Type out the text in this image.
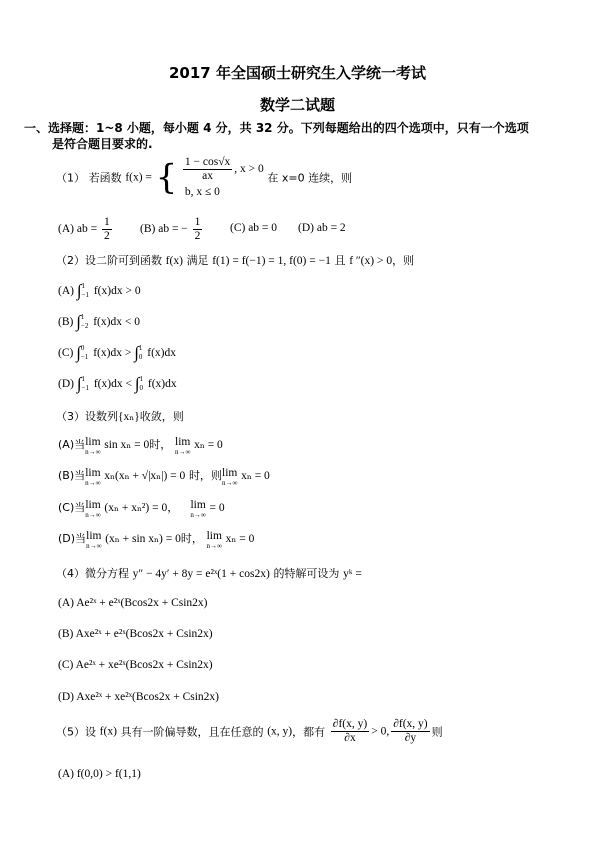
2017 年全国硕士研究生入学统一考试
数学二试题
一、选择题：1~8 小题，每小题 4 分，共 32 分。下列每题给出的四个选项中，只有一个选项
是符合题目要求的.
（1） 若函数 f(x) = { $\frac{1 - \cos√x}{ax}$ , x > 0
b, x ≤ 0
在 x=0 连续，则
(A) ab = $\frac{1}{2} (B)$ ab = − $\frac{1}{2} (C)$ ab = 0 (D) ab = 2
（2）设二阶可到函数 f(x) 满足 f(1) = f(−1) = 1, f(0) = −1 且 f ″(x) > 0，则
(A) ∫ 1
−1 f(x)dx > 0
(B) ∫ 1
−2 f(x)dx < 0
(C) ∫ 0
−1 f(x)dx > ∫ 1
0 f(x)dx
(D) ∫ 1
−1 f(x)dx < ∫ 1
0 f(x)dx
（3）设数列{xₙ}收敛，则
(A)当 lim
n→∞
sin xₙ = 0时， lim
n→∞
xₙ = 0
(B)当 lim
n→∞
xₙ(xₙ + √|xₙ|) = 0 时，则 lim
n→∞
xₙ = 0
(C)当 lim
n→∞
(xₙ + xₙ²) = 0， lim
n→∞
= 0
(D)当 lim
n→∞
(xₙ + sin xₙ) = 0时， lim
n→∞
xₙ = 0
（4）微分方程 y″ − 4y′ + 8y = e²ˣ(1 + cos2x) 的特解可设为 yᵏ =
(A) Ae²ˣ + e²ˣ(Bcos2x + Csin2x)
(B) Axe²ˣ + e²ˣ(Bcos2x + Csin2x)
(C) Ae²ˣ + xe²ˣ(Bcos2x + Csin2x)
(D) Axe²ˣ + xe²ˣ(Bcos2x + Csin2x)
（5）设 f(x) 具有一阶偏导数，且在任意的 (x, y)，都有 $\frac{\partial f(x, y)}{\partial x} > 0$, $\frac{\partial f(x, y)}{\partial y}$ 则
(A) f(0,0) > f(1,1)
